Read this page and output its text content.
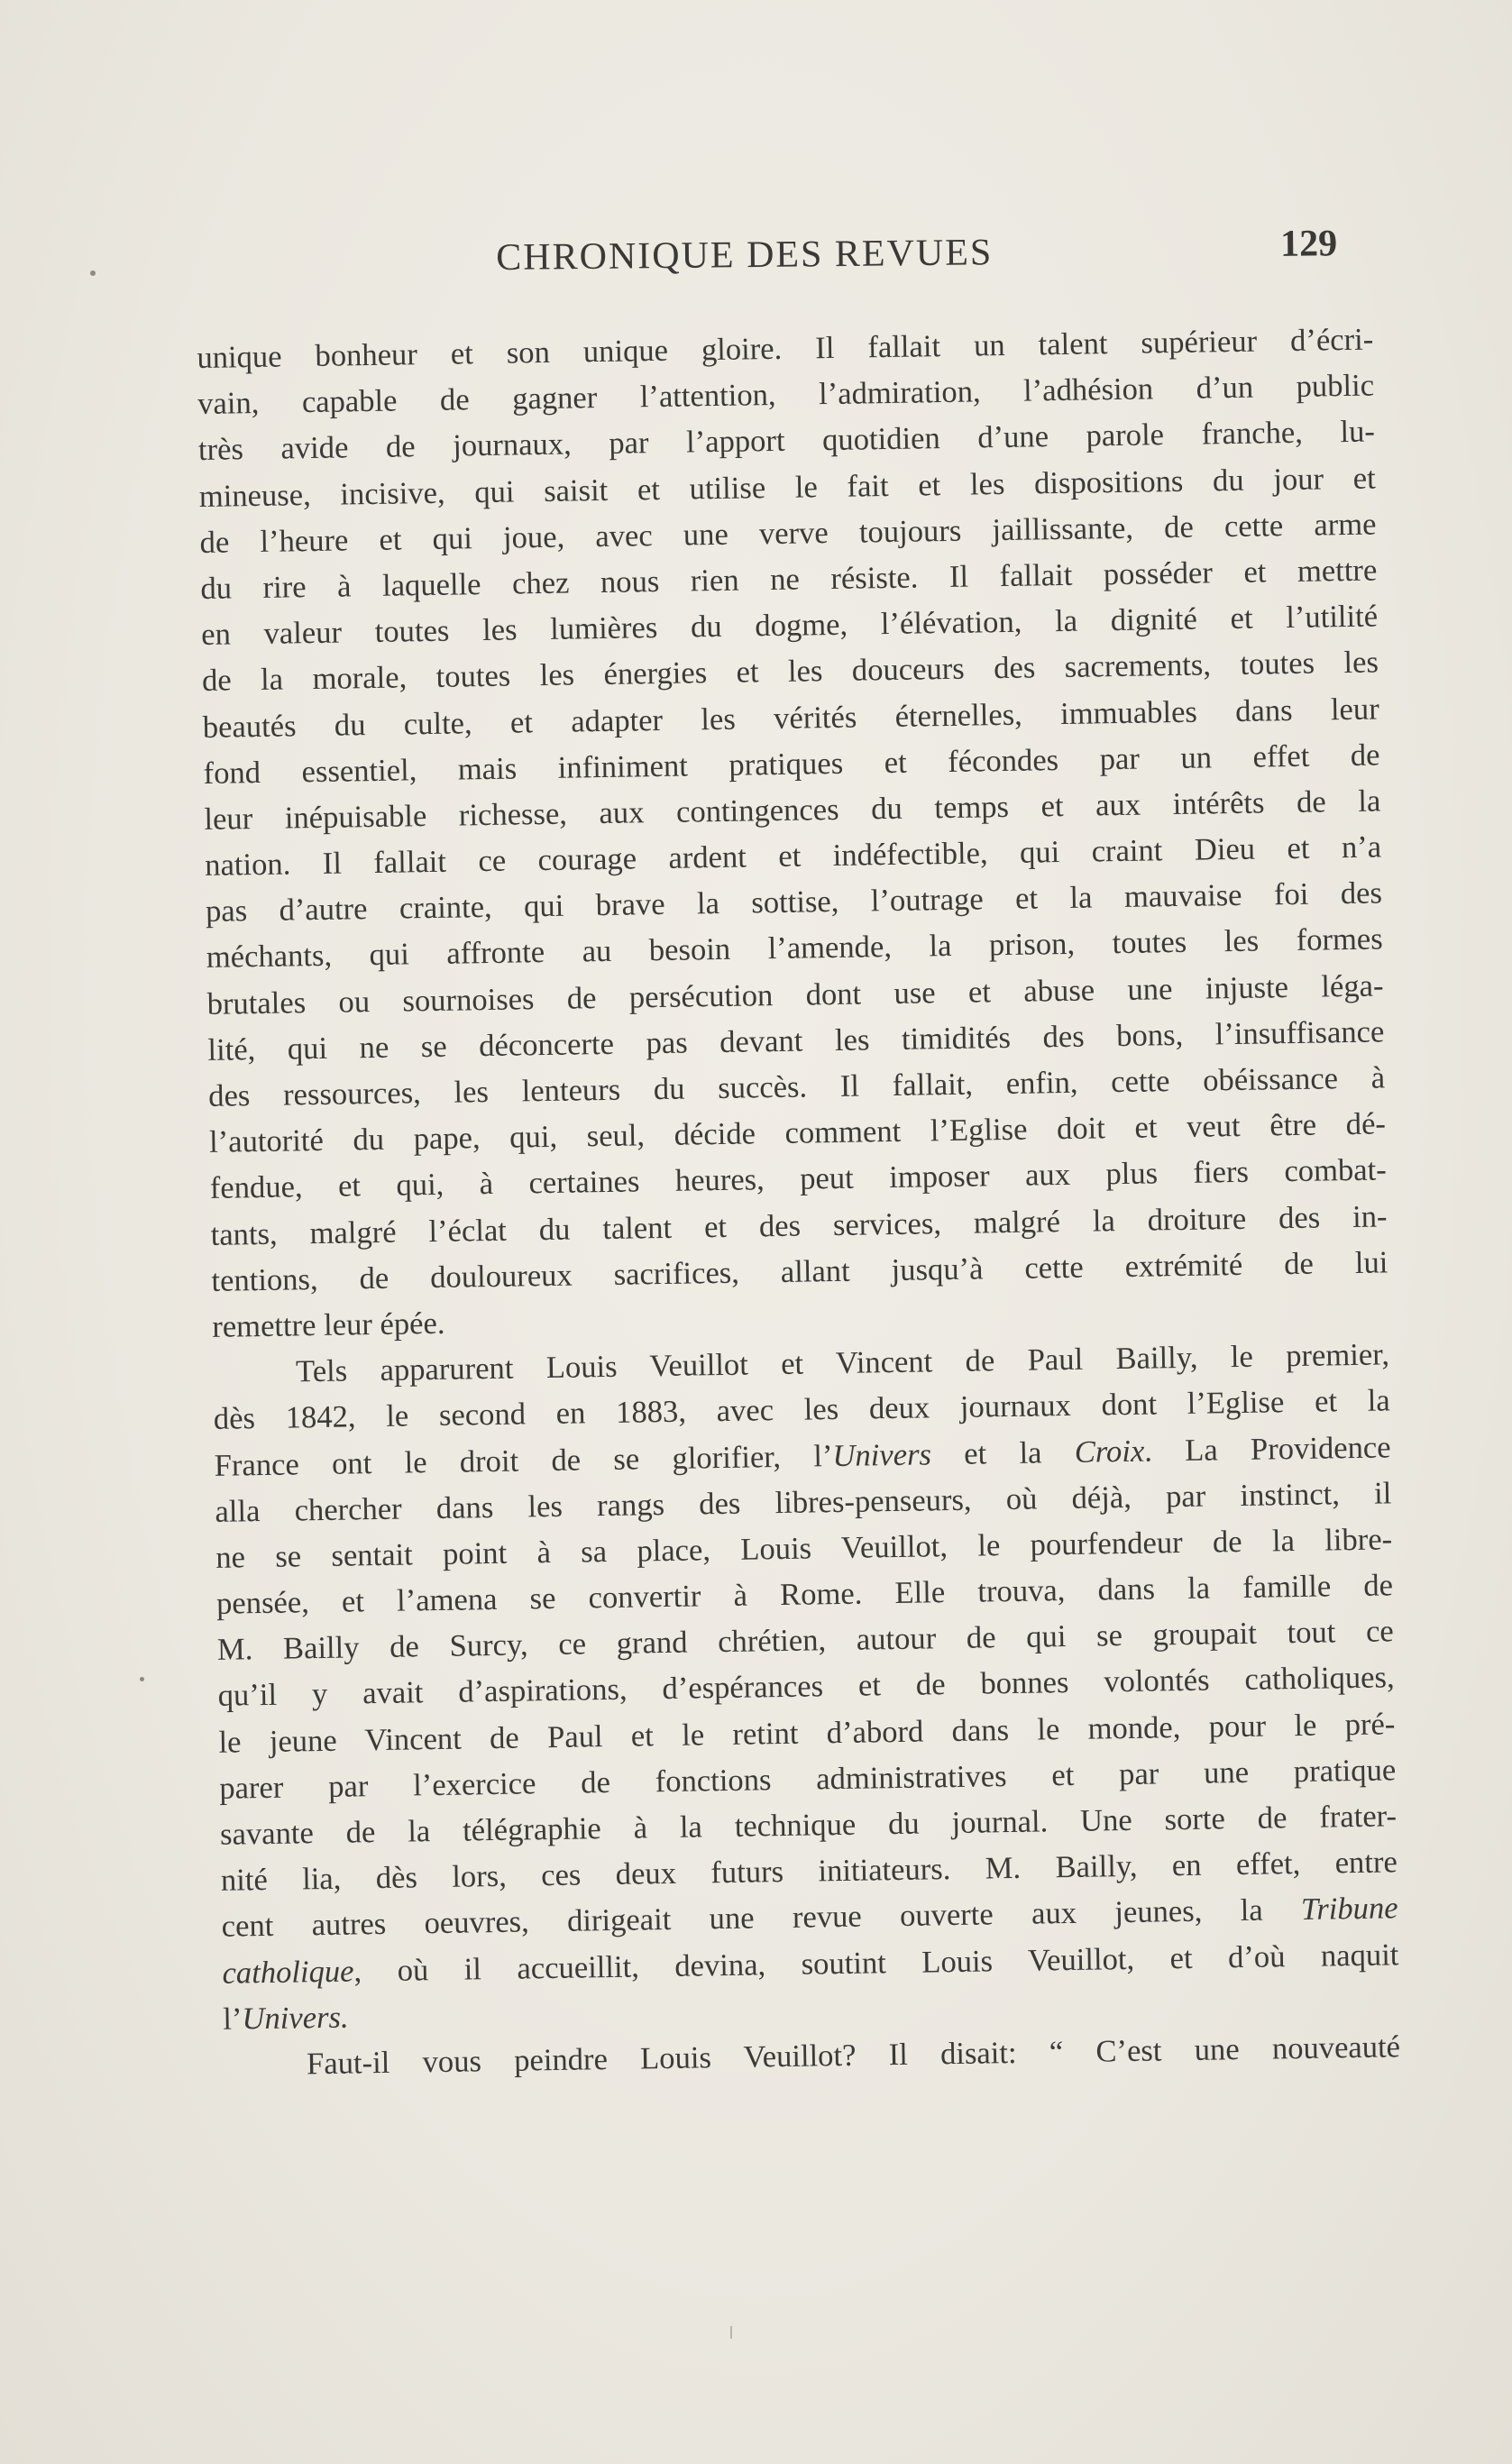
CHRONIQUE DES REVUES	129
unique bonheur et son unique gloire. Il fallait un talent supérieur d’écri-
vain, capable de gagner l’attention, l’admiration, l’adhésion d’un public
très avide de journaux, par l’apport quotidien d’une parole franche, lu-
mineuse, incisive, qui saisit et utilise le fait et les dispositions du jour et
de l’heure et qui joue, avec une verve toujours jaillissante, de cette arme
du rire à laquelle chez nous rien ne résiste. Il fallait posséder et mettre
en valeur toutes les lumières du dogme, l’élévation, la dignité et l’utilité
de la morale, toutes les énergies et les douceurs des sacrements, toutes les
beautés du culte, et adapter les vérités éternelles, immuables dans leur
fond essentiel, mais infiniment pratiques et fécondes par un effet de
leur inépuisable richesse, aux contingences du temps et aux intérêts de la
nation. Il fallait ce courage ardent et indéfectible, qui craint Dieu et n’a
pas d’autre crainte, qui brave la sottise, l’outrage et la mauvaise foi des
méchants, qui affronte au besoin l’amende, la prison, toutes les formes
brutales ou sournoises de persécution dont use et abuse une injuste léga-
lité, qui ne se déconcerte pas devant les timidités des bons, l’insuffisance
des ressources, les lenteurs du succès. Il fallait, enfin, cette obéissance à
l’autorité du pape, qui, seul, décide comment l’Eglise doit et veut être dé-
fendue, et qui, à certaines heures, peut imposer aux plus fiers combat-
tants, malgré l’éclat du talent et des services, malgré la droiture des in-
tentions, de douloureux sacrifices, allant jusqu’à cette extrémité de lui
remettre leur épée.
Tels apparurent Louis Veuillot et Vincent de Paul Bailly, le premier,
dès 1842, le second en 1883, avec les deux journaux dont l’Eglise et la
France ont le droit de se glorifier, l’Univers et la Croix. La Providence
alla chercher dans les rangs des libres-penseurs, où déjà, par instinct, il
ne se sentait point à sa place, Louis Veuillot, le pourfendeur de la libre-
pensée, et l’amena se convertir à Rome. Elle trouva, dans la famille de
M. Bailly de Surcy, ce grand chrétien, autour de qui se groupait tout ce
qu’il y avait d’aspirations, d’espérances et de bonnes volontés catholiques,
le jeune Vincent de Paul et le retint d’abord dans le monde, pour le pré-
parer par l’exercice de fonctions administratives et par une pratique
savante de la télégraphie à la technique du journal. Une sorte de frater-
nité lia, dès lors, ces deux futurs initiateurs. M. Bailly, en effet, entre
cent autres oeuvres, dirigeait une revue ouverte aux jeunes, la Tribune
catholique, où il accueillit, devina, soutint Louis Veuillot, et d’où naquit
l’Univers.
Faut-il vous peindre Louis Veuillot? Il disait: “ C’est une nouveauté
